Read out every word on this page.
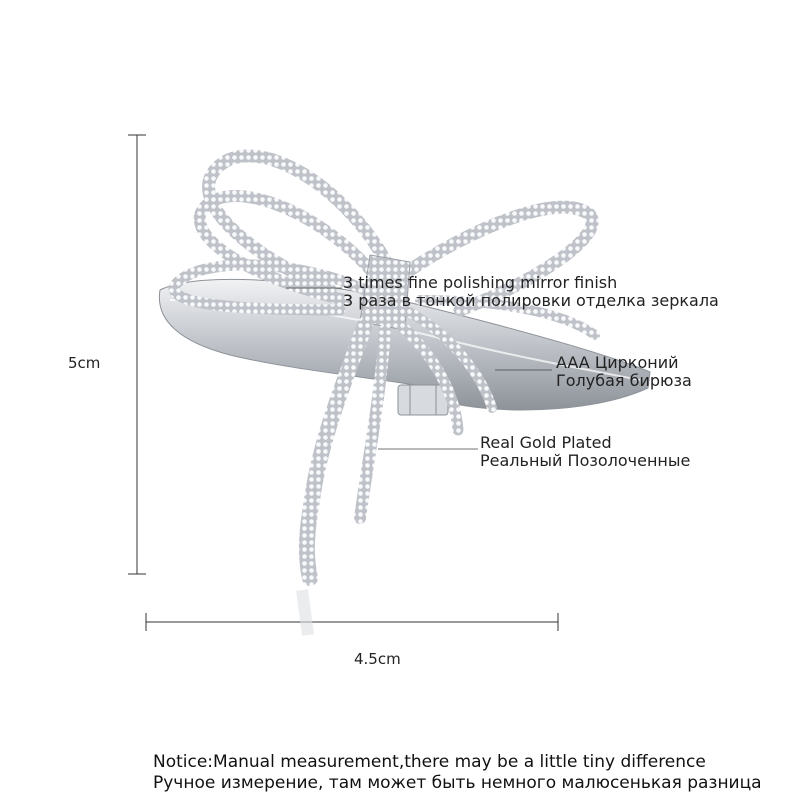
5cm
4.5cm
3 times fine polishing mirror finish
3 раза в тонкой полировки отделка зеркала
AAA Цирконий
Голубая бирюза
Real Gold Plated
Реальный Позолоченные
Notice:Manual measurement,there may be a little tiny difference
Ручное измерение, там может быть немного малюсенькая разница
